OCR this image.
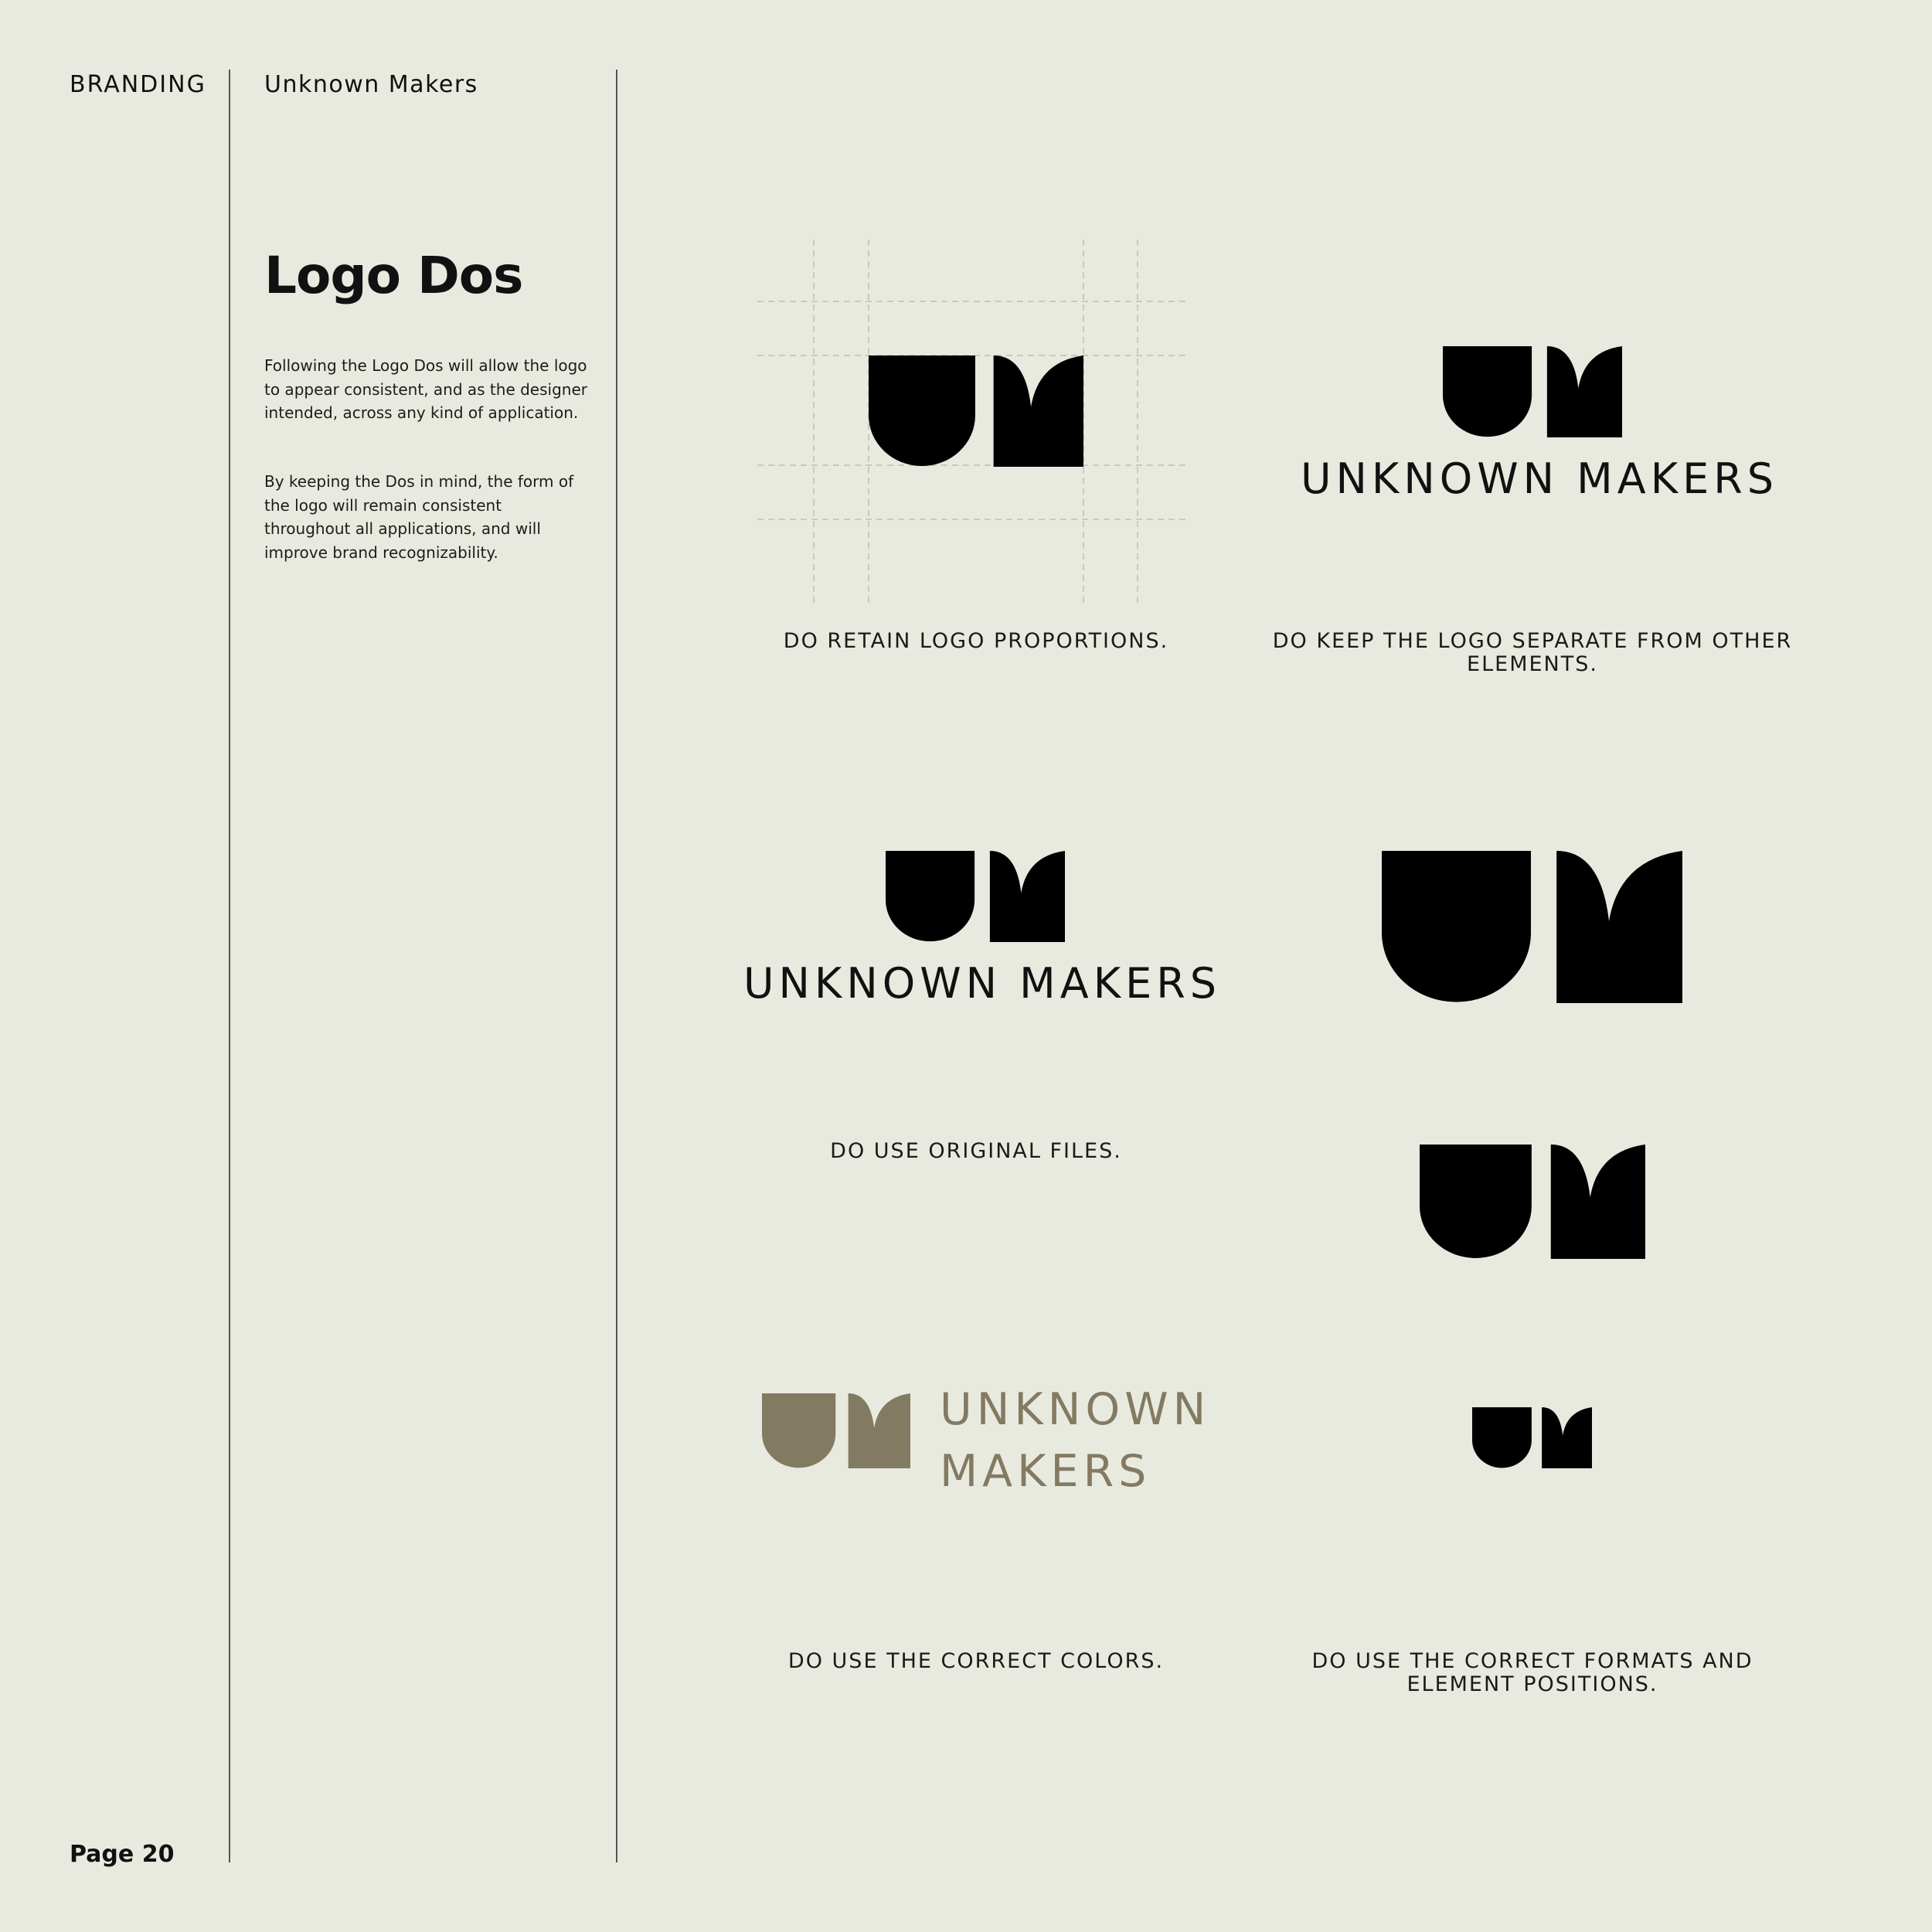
BRANDING	Unknown Makers
Logo Dos
Following the Logo Dos will allow the logo to appear consistent, and as the designer intended, across any kind of application.
By keeping the Dos in mind, the form of the logo will remain consistent throughout all applications, and will improve brand recognizability.
Page 20
DO RETAIN LOGO PROPORTIONS.
UNKNOWN MAKERS
DO KEEP THE LOGO SEPARATE FROM OTHER ELEMENTS.
UNKNOWN MAKERS
DO USE ORIGINAL FILES.
UNKNOWN
MAKERS
DO USE THE CORRECT COLORS.	DO USE THE CORRECT FORMATS AND ELEMENT POSITIONS.
